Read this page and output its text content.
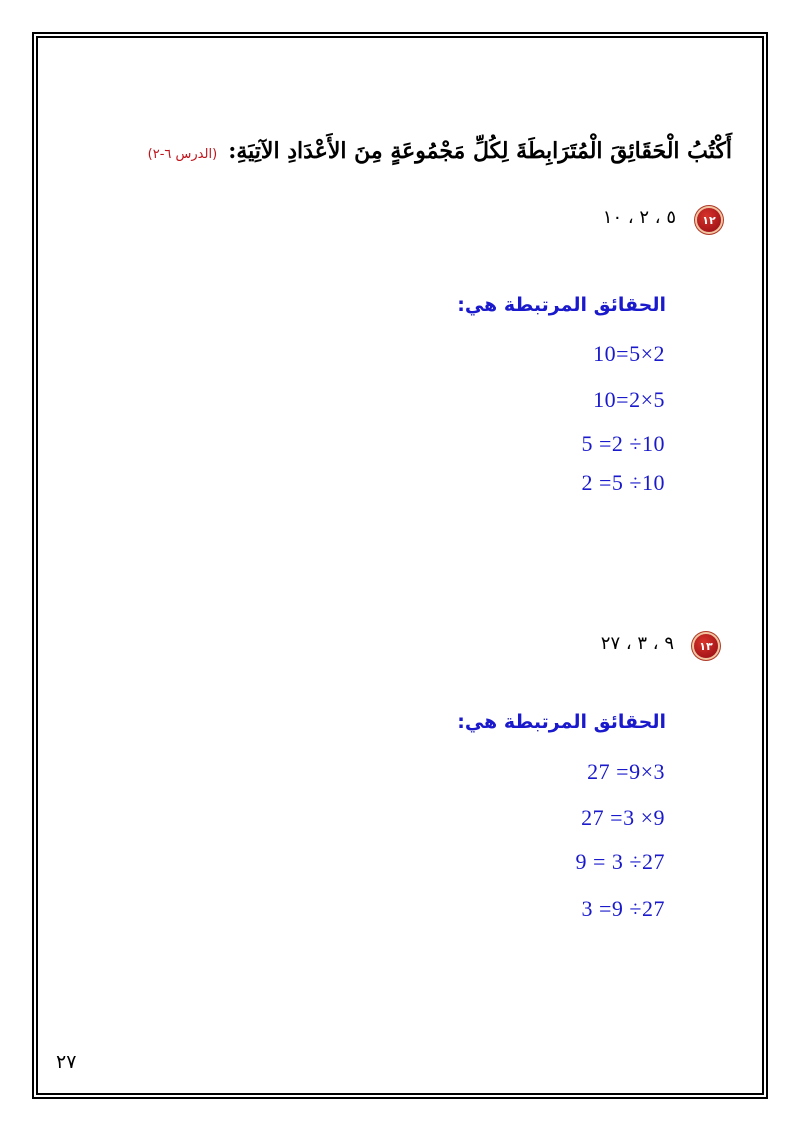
أَكْتُبُ الْحَقَائِقَ الْمُتَرَابِطَةَ لِكُلِّ مَجْمُوعَةٍ مِنَ الأَعْدَادِ الآتِيَةِ: (الدرس ٦-٢)
١٢
٥ ، ٢ ، ١٠
الحقائق المرتبطة هي:
10=5×2
10=2×5
5 =2 ÷10
2 =5 ÷10
١٣
٩ ، ٣ ، ٢٧
الحقائق المرتبطة هي:
27 =9×3
27 =3 ×9
9 = 3 ÷27
3 =9 ÷27
٢٧
